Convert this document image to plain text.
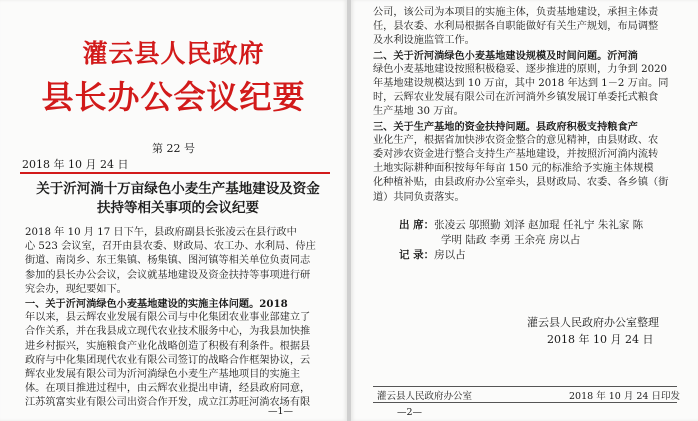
灌云县人民政府
县长办公会议纪要
第 22 号
2018 年 10 月 24 日
关于沂河淌十万亩绿色小麦生产基地建设及资金
扶持等相关事项的会议纪要

2018 年 10 月 17 日下午，县政府副县长张凌云在县行政中

心 523 会议室，召开由县农委、财政局、农工办、水利局、侍庄

街道、南岗乡、东王集镇、杨集镇、图河镇等相关单位负责同志

参加的县长办公会议，会议就基地建设及资金扶持等事项进行研

究会办，现纪要如下。

一、关于沂河淌绿色小麦基地建设的实施主体问题。2018

年以来，县云辉农业发展有限公司与中化集团农业事业部建立了

合作关系，并在我县成立现代农业技术服务中心，为我县加快推

进乡村振兴，实施粮食产业化战略创造了积极有利条件。根据县

政府与中化集团现代农业有限公司签订的战略合作框架协议，云

辉农业发展有限公司为沂河淌绿色小麦生产基地项目的实施主

体。在项目推进过程中，由云辉农业提出申请，经县政府同意，

江苏筑富实业有限公司出资合作开发，成立江苏旺河淌农场有限

—1—

公司，该公司为本项目的实施主体，负责基地建设，承担主体责

任，县农委、水利局根据各自职能做好有关生产规划，布局调整

及水利设施监管工作。

二、关于沂河淌绿色小麦基地建设规模及时间问题。沂河淌

绿色小麦基地建设按照积极稳妥、逐步推进的原则，力争到 2020

年基地建设规模达到 10 万亩，其中 2018 年达到 1－2 万亩。同

时，云辉农业发展有限公司在沂河淌外乡镇发展订单委托式粮食

生产基地 30 万亩。

三、关于生产基地的资金扶持问题。县政府积极支持粮食产

业化生产，根据省加快涉农资金整合的意见精神，由县财政、农

委对涉农资金进行整合支持生产基地建设，并按照沂河淌内流转

土地实际耕种面积按每年每亩 150 元的标准给予实施主体规模

化种植补贴，由县政府办公室牵头，县财政局、农委、各乡镇（街

道）共同负责落实。

出 席：张凌云 邬照勤 刘泽 赵加琨 任礼宁 朱礼家 陈
学明 陆政 李勇 王余亮 房以占
记 录：房以占
灌云县人民政府办公室整理
2018 年 10 月 24 日
灌云县人民政府办公室	2018 年 10 月 24 日印发
—2—
